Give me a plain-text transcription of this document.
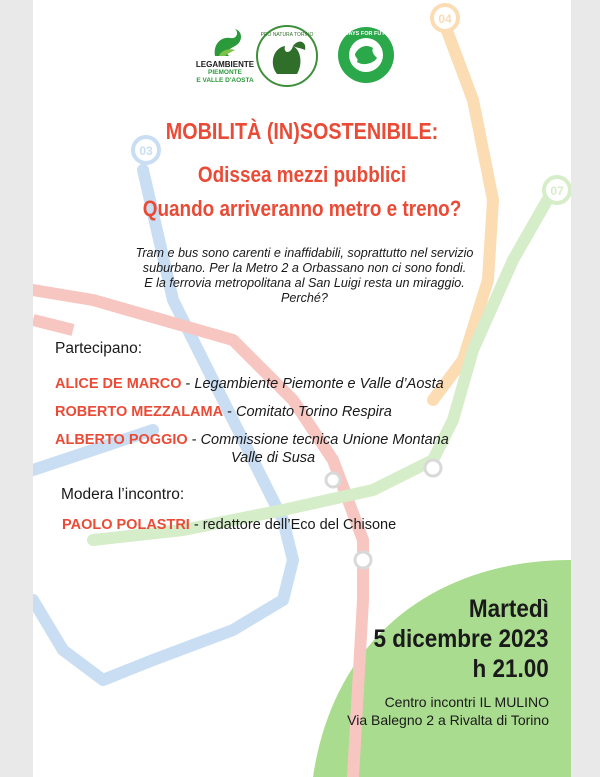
03
04
07
LEGAMBIENTE
PIEMONTE
E VALLE D'AOSTA
PRO NATURA TORINO	FRIDAYS FOR FUTURE
MOBILITÀ (IN)SOSTENIBILE:
Odissea mezzi pubblici
Quando arriveranno metro e treno?

Tram e bus sono carenti e inaffidabili, soprattutto nel servizio
suburbano. Per la Metro 2 a Orbassano non ci sono fondi.
E la ferrovia metropolitana al San Luigi resta un miraggio.
Perché?

Partecipano:

ALICE DE MARCO - Legambiente Piemonte e Valle d’Aosta
ROBERTO MEZZALAMA - Comitato Torino Respira
ALBERTO POGGIO - Commissione tecnica Unione Montana
Valle di Susa

Modera l’incontro:

PAOLO POLASTRI - redattore dell’Eco del Chisone

Martedì

5 dicembre 2023

h 21.00

Centro incontri IL MULINO
Via Balegno 2 a Rivalta di Torino
